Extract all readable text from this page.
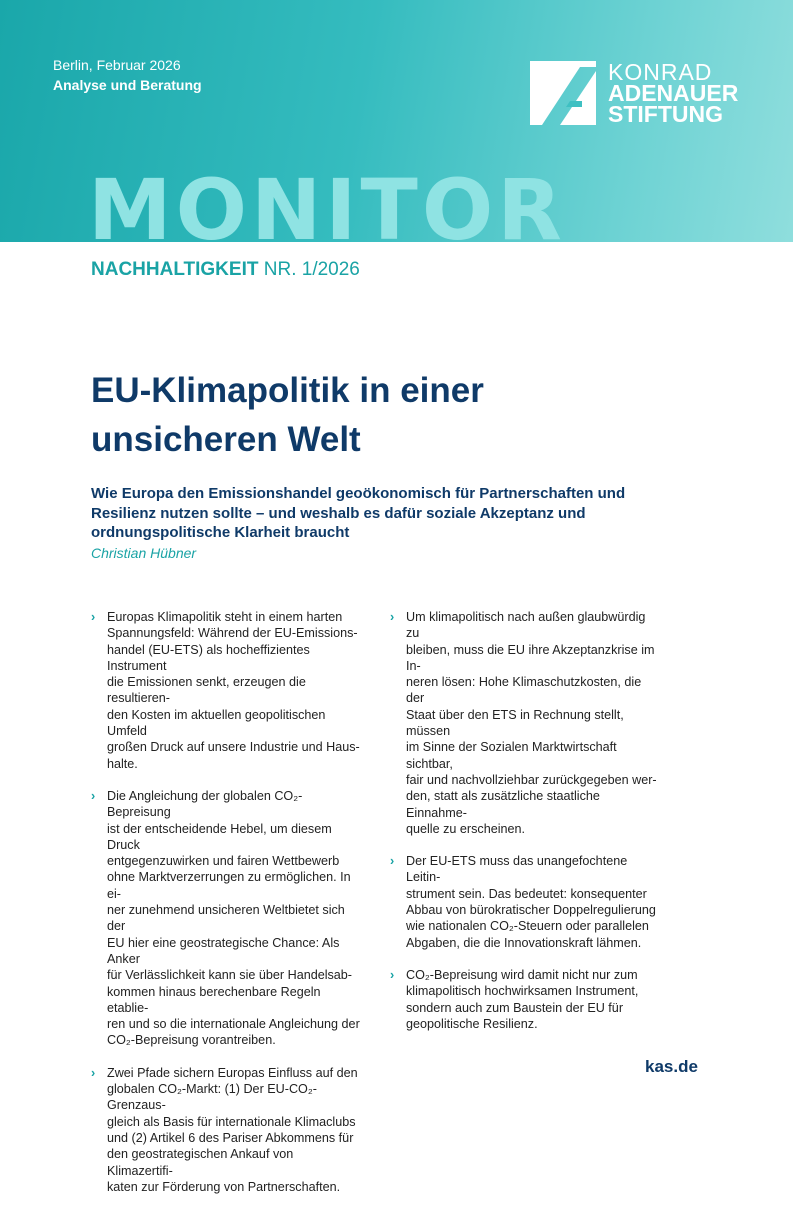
Berlin, Februar 2026
Analyse und Beratung
MONITOR
KONRAD
ADENAUER
STIFTUNG
NACHHALTIGKEIT NR. 1/2026
EU-Klimapolitik in einer
unsicheren Welt
Wie Europa den Emissionshandel geoökonomisch für Partnerschaften und
Resilienz nutzen sollte – und weshalb es dafür soziale Akzeptanz und
ordnungspolitische Klarheit braucht
Christian Hübner
› Europas Klimapolitik steht in einem harten
Spannungsfeld: Während der EU-Emissions-
handel (EU-ETS) als hocheffizientes Instrument
die Emissionen senkt, erzeugen die resultieren-
den Kosten im aktuellen geopolitischen Umfeld
großen Druck auf unsere Industrie und Haus-
halte.
› Die Angleichung der globalen CO₂-Bepreisung
ist der entscheidende Hebel, um diesem Druck
entgegenzuwirken und fairen Wettbewerb
ohne Marktverzerrungen zu ermöglichen. In ei-
ner zunehmend unsicheren Weltbietet sich der
EU hier eine geostrategische Chance: Als Anker
für Verlässlichkeit kann sie über Handelsab-
kommen hinaus berechenbare Regeln etablie-
ren und so die internationale Angleichung der
CO₂-Bepreisung vorantreiben.
› Zwei Pfade sichern Europas Einfluss auf den
globalen CO₂-Markt: (1) Der EU-CO₂-Grenzaus-
gleich als Basis für internationale Klimaclubs
und (2) Artikel 6 des Pariser Abkommens für
den geostrategischen Ankauf von Klimazertifi-
katen zur Förderung von Partnerschaften.
› Um klimapolitisch nach außen glaubwürdig zu
bleiben, muss die EU ihre Akzeptanzkrise im In-
neren lösen: Hohe Klimaschutzkosten, die der
Staat über den ETS in Rechnung stellt, müssen
im Sinne der Sozialen Marktwirtschaft sichtbar,
fair und nachvollziehbar zurückgegeben wer-
den, statt als zusätzliche staatliche Einnahme-
quelle zu erscheinen.
› Der EU-ETS muss das unangefochtene Leitin-
strument sein. Das bedeutet: konsequenter
Abbau von bürokratischer Doppelregulierung
wie nationalen CO₂-Steuern oder parallelen
Abgaben, die die Innovationskraft lähmen.
› CO₂-Bepreisung wird damit nicht nur zum
klimapolitisch hochwirksamen Instrument,
sondern auch zum Baustein der EU für
geopolitische Resilienz.
kas.de
